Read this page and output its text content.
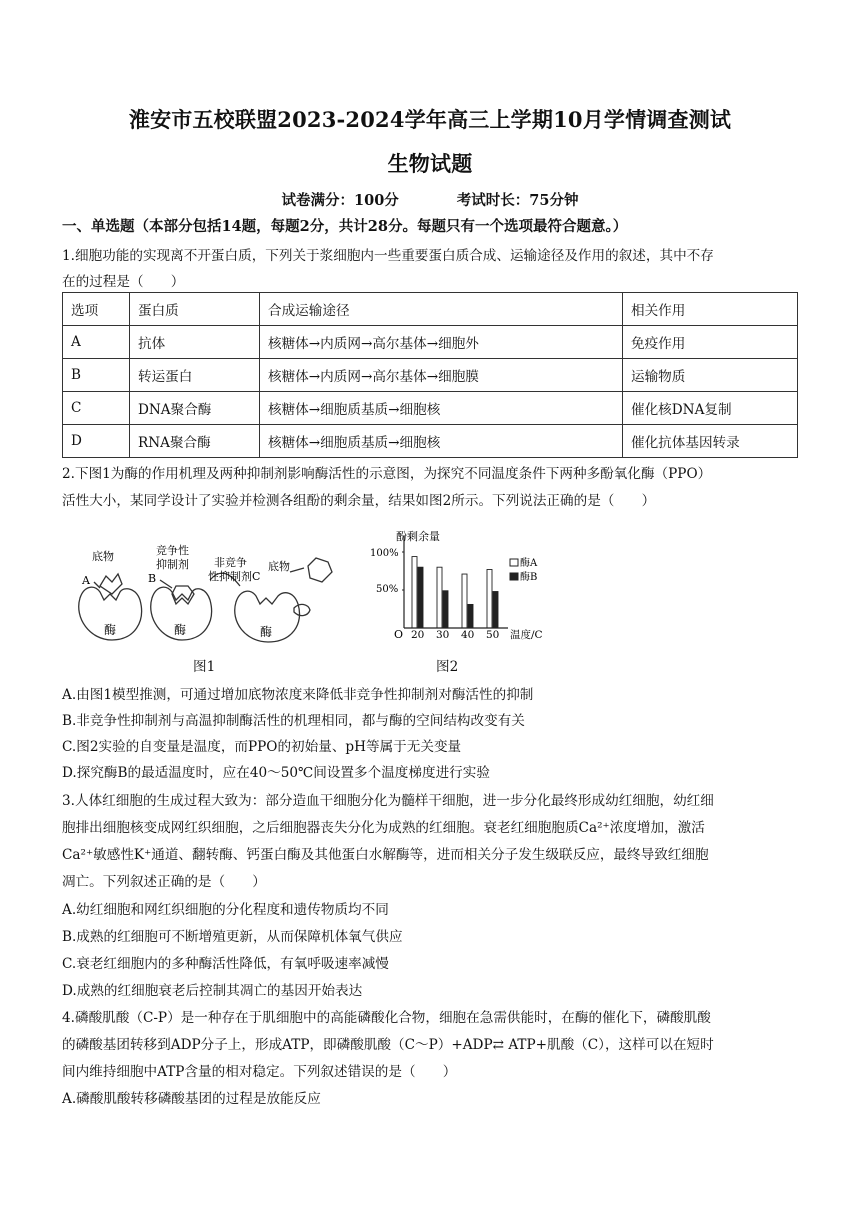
淮安市五校联盟2023-2024学年高三上学期10月学情调查测试
生物试题
试卷满分：100分	考试时长：75分钟
一、单选题（本部分包括14题，每题2分，共计28分。每题只有一个选项最符合题意。）
1.细胞功能的实现离不开蛋白质，下列关于浆细胞内一些重要蛋白质合成、运输途径及作用的叙述，其中不存
在的过程是（　　）
选项	蛋白质	合成运输途径	相关作用
A	抗体	核糖体→内质网→高尔基体→细胞外	免疫作用
B	转运蛋白	核糖体→内质网→高尔基体→细胞膜	运输物质
C	DNA聚合酶	核糖体→细胞质基质→细胞核	催化核DNA复制
D	RNA聚合酶	核糖体→细胞质基质→细胞核	催化抗体基因转录
2.下图1为酶的作用机理及两种抑制剂影响酶活性的示意图，为探究不同温度条件下两种多酚氧化酶（PPO）
活性大小，某同学设计了实验并检测各组酚的剩余量，结果如图2所示。下列说法正确的是（　　）
底物
A
酶
竞争性
抑制剂
B
酶
非竞争
性抑制剂 C
底物
酶
图1
酚剩余量
100%
50%
O	温度/C
20 30 40 50
酶A
酶B
图2
A.由图1模型推测，可通过增加底物浓度来降低非竞争性抑制剂对酶活性的抑制
B.非竞争性抑制剂与高温抑制酶活性的机理相同，都与酶的空间结构改变有关
C.图2实验的自变量是温度，而PPO的初始量、pH等属于无关变量
D.探究酶B的最适温度时，应在40～50℃间设置多个温度梯度进行实验
3.人体红细胞的生成过程大致为：部分造血干细胞分化为髓样干细胞，进一步分化最终形成幼红细胞，幼红细
胞排出细胞核变成网红织细胞，之后细胞器丧失分化为成熟的红细胞。衰老红细胞胞质Ca²⁺浓度增加，激活
Ca²⁺敏感性K⁺通道、翻转酶、钙蛋白酶及其他蛋白水解酶等，进而相关分子发生级联反应，最终导致红细胞
凋亡。下列叙述正确的是（　　）
A.幼红细胞和网红织细胞的分化程度和遗传物质均不同
B.成熟的红细胞可不断增殖更新，从而保障机体氧气供应
C.衰老红细胞内的多种酶活性降低，有氧呼吸速率减慢
D.成熟的红细胞衰老后控制其凋亡的基因开始表达
4.磷酸肌酸（C-P）是一种存在于肌细胞中的高能磷酸化合物，细胞在急需供能时，在酶的催化下，磷酸肌酸
的磷酸基团转移到ADP分子上，形成ATP，即磷酸肌酸（C～P）+ADP⇄ ATP+肌酸（C），这样可以在短时
间内维持细胞中ATP含量的相对稳定。下列叙述错误的是（　　）
A.磷酸肌酸转移磷酸基团的过程是放能反应
